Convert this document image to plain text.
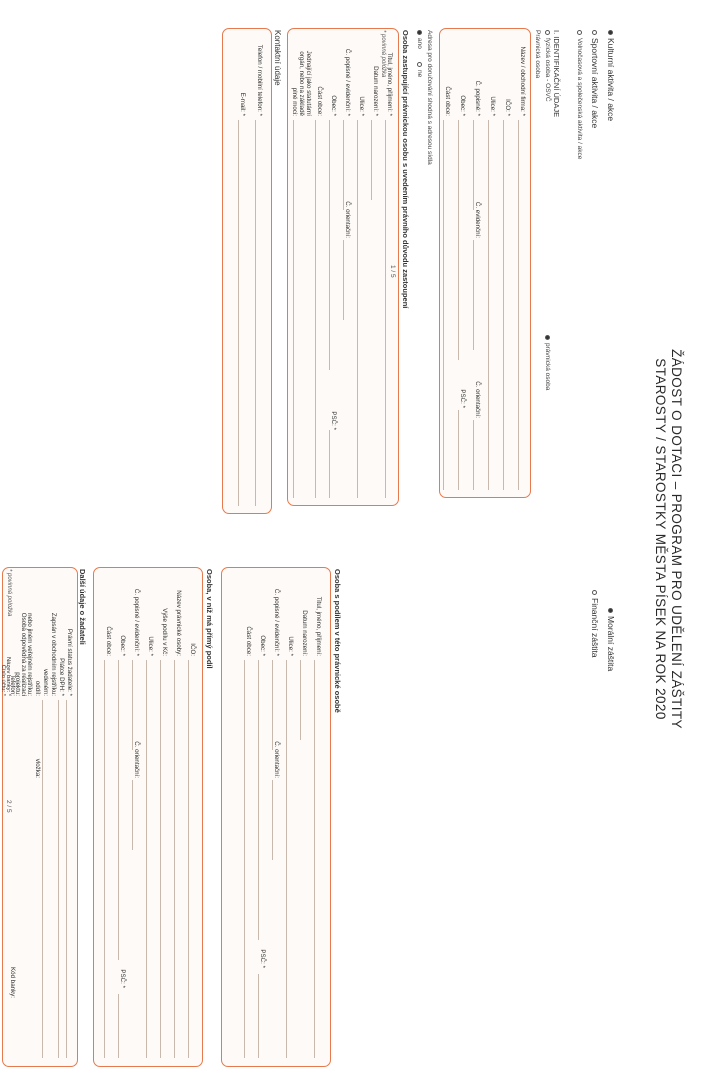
ŽÁDOST O DOTACI – PROGRAM PRO UDĚLENÍ ZÁŠTITY
STAROSTY / STAROSTKY MĚSTA PÍSEK NA ROK 2020
Kulturní aktivita / akce
Morální záštita
Sportovní aktivita / akce
Finanční záštita
Volnočasová a společenská aktivita / akce
I. IDENTIFIKAČNÍ ÚDAJE
fyzická osoba - OSVČ
právnická osoba
Právnická osoba
Název / obchodní firma: *
IČO: *
Ulice: *
Č. popisné: *
Č. evidenční:
Č. orientační:
Obec: *
PSČ: *
Část obce:
Adresa pro doručování shodná s adresou sídla
ano
ne
Osoba zastupující právnickou osobu s uvedením právního důvodu zastoupení
Titul, jméno, příjmení: *
Datum narození: *
Ulice: *
Č. popisné / evidenční: *
Č. orientační:
Obec: *
PSČ: *
Část obce:
Jednající jako statutární
orgán, nebo na základě
plné moci:
Kontaktní údaje
Telefon / mobilní telefon: *
E-mail: *
* povinná položka
1 / 5
Osoba s podílem v této právnické osobě
Titul, jméno, příjmení:
Datum narození:
Ulice: *
Č. popisné / evidenční: *
Č. orientační:
Obec: *
PSČ: *
Část obce:
Osoba, v níž má přímý podíl
IČO:
Název právnické osoby:
Výše podílu v Kč:
Ulice: *
Č. popisné / evidenční: *
Č. orientační:
Obec: *
PSČ: *
Část obce:
Další údaje o žadateli
Právní status žadatele: *
Plátce DPH: *
Zapsán v obchodním rejstříku:
vedeném:
oddíl:
vložka:
nebo jiném veřejném rejstříku:
Osoba odpovědná za realizaci
projektu:
Telefon:
Název banky: *
Číslo účtu: *
Kód banky:
* povinná položka
2 / 5
